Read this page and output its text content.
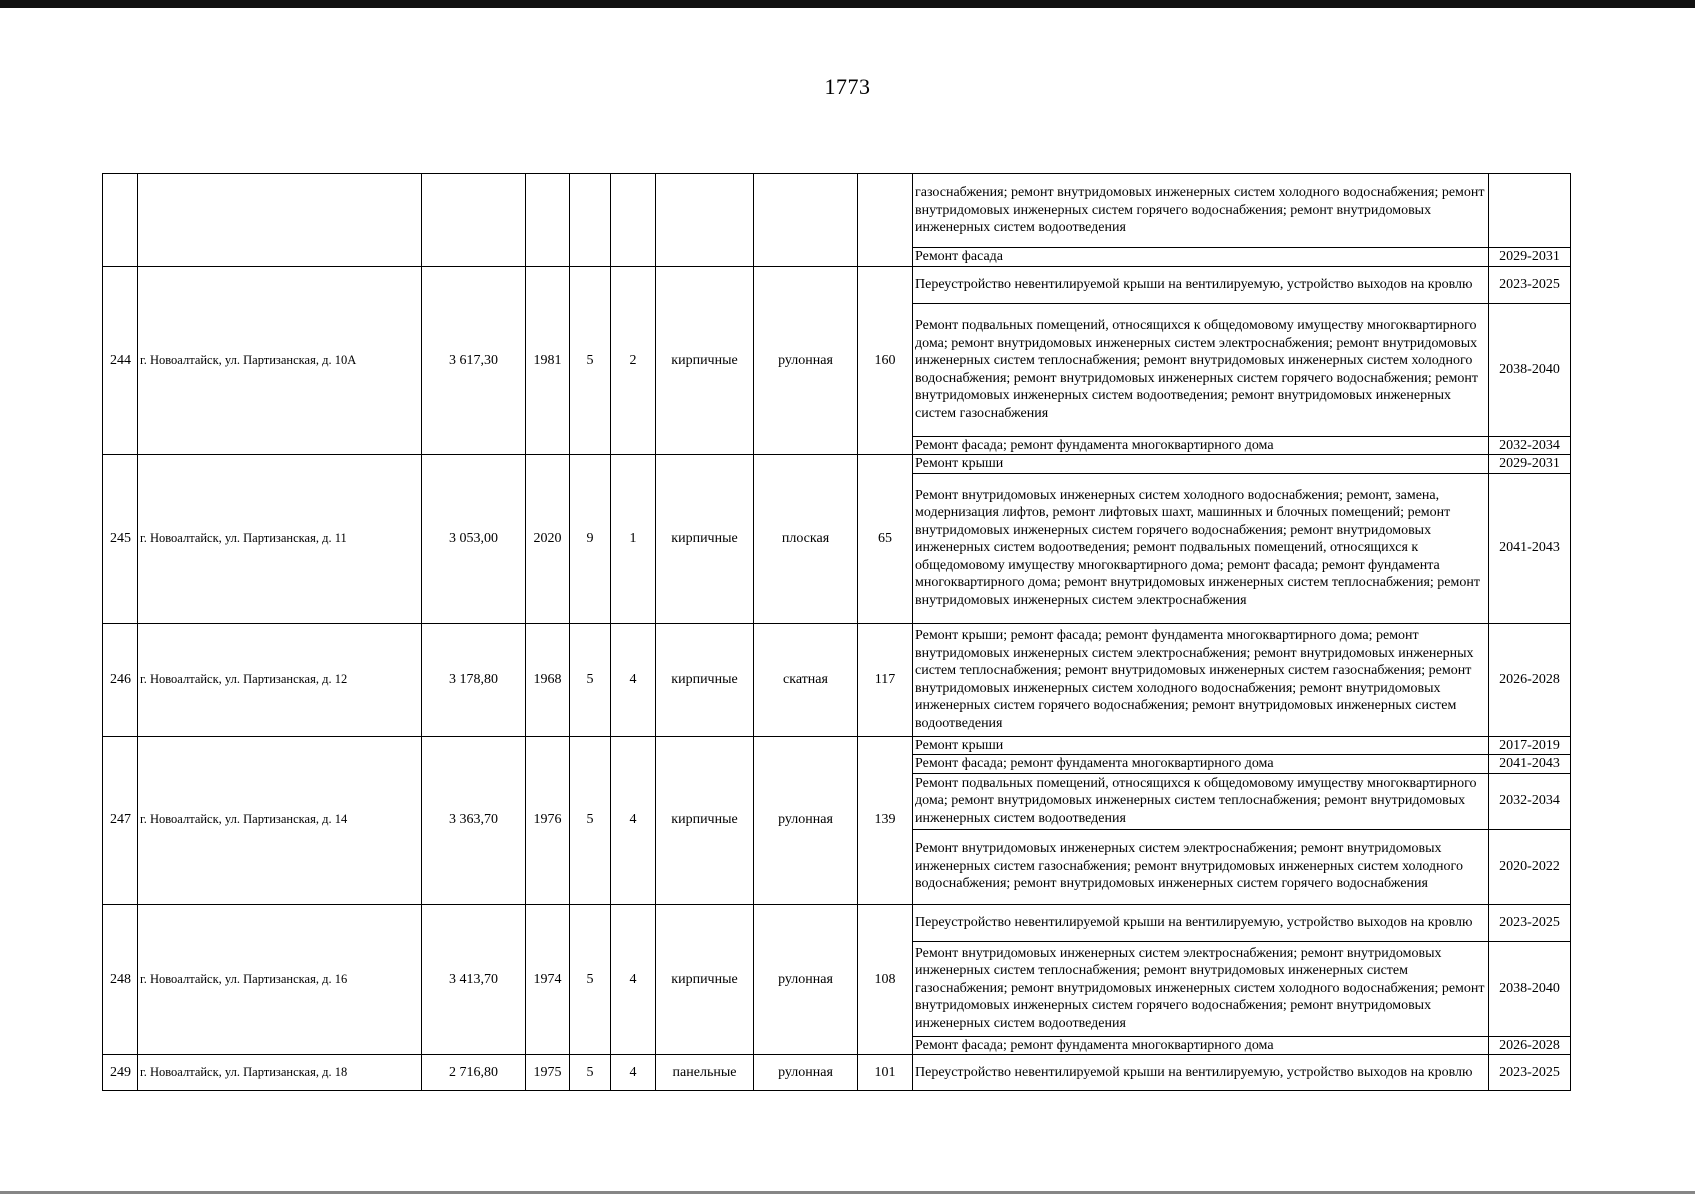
1773
									газоснабжения; ремонт внутридомовых инженерных систем холодного водоснабжения; ремонт внутридомовых инженерных систем горячего водоснабжения; ремонт внутридомовых инженерных систем водоотведения	
									Ремонт фасада	2029-2031
244	г. Новоалтайск, ул. Партизанская, д. 10А	3 617,30	1981	5	2	кирпичные	рулонная	160	Переустройство невентилируемой крыши на вентилируемую, устройство выходов на кровлю	2023-2025
									Ремонт подвальных помещений, относящихся к общедомовому имуществу многоквартирного дома; ремонт внутридомовых инженерных систем электроснабжения; ремонт внутридомовых инженерных систем теплоснабжения; ремонт внутридомовых инженерных систем холодного водоснабжения; ремонт внутридомовых инженерных систем горячего водоснабжения; ремонт внутридомовых инженерных систем водоотведения; ремонт внутридомовых инженерных систем газоснабжения	2038-2040
									Ремонт фасада; ремонт фундамента многоквартирного дома	2032-2034
245	г. Новоалтайск, ул. Партизанская, д. 11	3 053,00	2020	9	1	кирпичные	плоская	65	Ремонт крыши	2029-2031
									Ремонт внутридомовых инженерных систем холодного водоснабжения; ремонт, замена, модернизация лифтов, ремонт лифтовых шахт, машинных и блочных помещений; ремонт внутридомовых инженерных систем горячего водоснабжения; ремонт внутридомовых инженерных систем водоотведения; ремонт подвальных помещений, относящихся к общедомовому имуществу многоквартирного дома; ремонт фасада; ремонт фундамента многоквартирного дома; ремонт внутридомовых инженерных систем теплоснабжения; ремонт внутридомовых инженерных систем электроснабжения	2041-2043
246	г. Новоалтайск, ул. Партизанская, д. 12	3 178,80	1968	5	4	кирпичные	скатная	117	Ремонт крыши; ремонт фасада; ремонт фундамента многоквартирного дома; ремонт внутридомовых инженерных систем электроснабжения; ремонт внутридомовых инженерных систем теплоснабжения; ремонт внутридомовых инженерных систем газоснабжения; ремонт внутридомовых инженерных систем холодного водоснабжения; ремонт внутридомовых инженерных систем горячего водоснабжения; ремонт внутридомовых инженерных систем водоотведения	2026-2028
247	г. Новоалтайск, ул. Партизанская, д. 14	3 363,70	1976	5	4	кирпичные	рулонная	139	Ремонт крыши	2017-2019
									Ремонт фасада; ремонт фундамента многоквартирного дома	2041-2043
									Ремонт подвальных помещений, относящихся к общедомовому имуществу многоквартирного дома; ремонт внутридомовых инженерных систем теплоснабжения; ремонт внутридомовых инженерных систем водоотведения	2032-2034
									Ремонт внутридомовых инженерных систем электроснабжения; ремонт внутридомовых инженерных систем газоснабжения; ремонт внутридомовых инженерных систем холодного водоснабжения; ремонт внутридомовых инженерных систем горячего водоснабжения	2020-2022
248	г. Новоалтайск, ул. Партизанская, д. 16	3 413,70	1974	5	4	кирпичные	рулонная	108	Переустройство невентилируемой крыши на вентилируемую, устройство выходов на кровлю	2023-2025
									Ремонт внутридомовых инженерных систем электроснабжения; ремонт внутридомовых инженерных систем теплоснабжения; ремонт внутридомовых инженерных систем газоснабжения; ремонт внутридомовых инженерных систем холодного водоснабжения; ремонт внутридомовых инженерных систем горячего водоснабжения; ремонт внутридомовых инженерных систем водоотведения	2038-2040
									Ремонт фасада; ремонт фундамента многоквартирного дома	2026-2028
249	г. Новоалтайск, ул. Партизанская, д. 18	2 716,80	1975	5	4	панельные	рулонная	101	Переустройство невентилируемой крыши на вентилируемую, устройство выходов на кровлю	2023-2025
